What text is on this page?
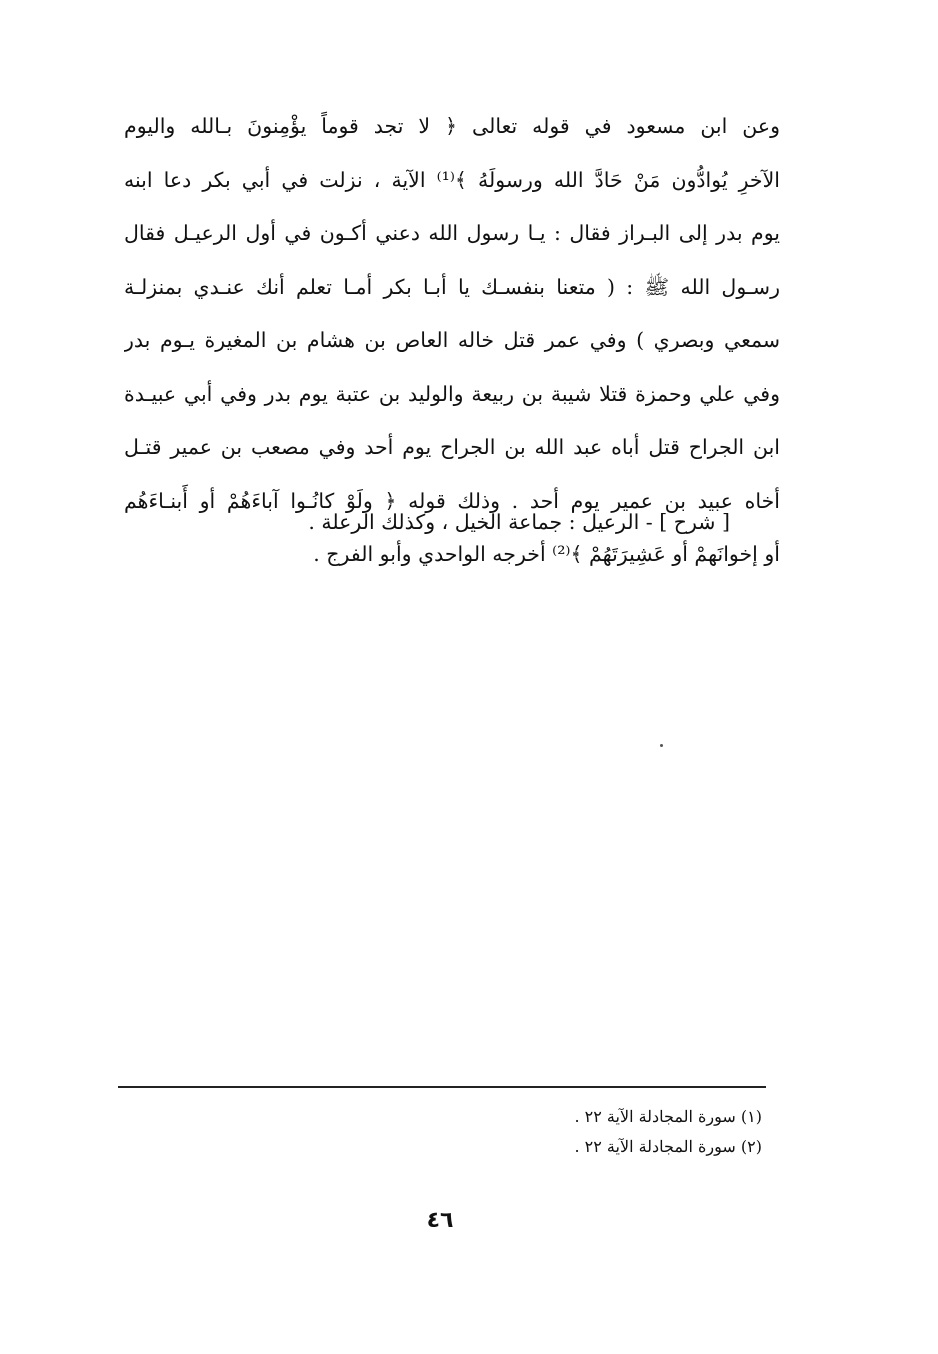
وعن ابن مسعود في قوله تعالى ﴿ لا تجد قوماً يؤْمِنونَ بـالله واليوم
الآخرِ يُوادُّون مَنْ حَادَّ الله ورسولَهُ ﴾⁽¹⁾ الآية ، نزلت في أبي بكر دعا ابنه
يوم بدر إلى البـراز فقال : يـا رسول الله دعني أكـون في أول الرعيـل فقال
رسـول الله ﷺ : ( متعنا بنفسـك يا أبـا بكر أمـا تعلم أنك عنـدي بمنزلـة
سمعي وبصري ) وفي عمر قتل خاله العاص بن هشام بن المغيرة يـوم بدر
وفي علي وحمزة قتلا شيبة بن ربيعة والوليد بن عتبة يوم بدر وفي أبي عبيـدة
ابن الجراح قتل أباه عبد الله بن الجراح يوم أحد وفي مصعب بن عمير قتـل
أخاه عبيد بن عمير يوم أحد . وذلك قوله ﴿ ولَوْ كانُـوا آباءَهُمْ أو أَبنـاءَهُم
أو إخوانَهمْ أو عَشِيرَتَهُمْ ﴾⁽²⁾ أخرجه الواحدي وأبو الفرج .
[ شرح ] - الرعيل : جماعة الخيل ، وكذلك الرعلة .
(١) سورة المجادلة الآية ٢٢ .
(٢) سورة المجادلة الآية ٢٢ .
٤٦
